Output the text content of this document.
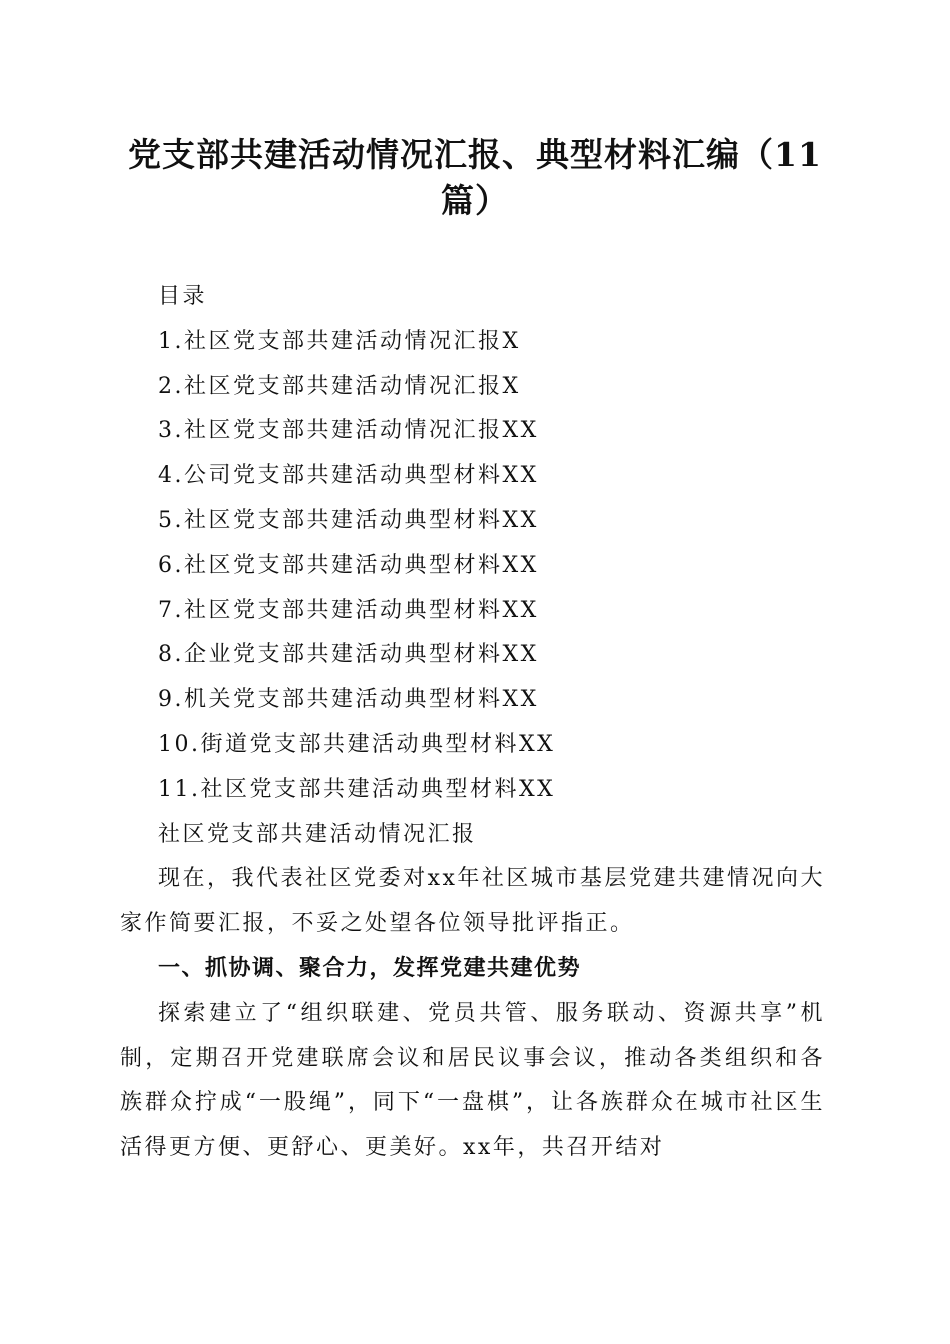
党支部共建活动情况汇报、典型材料汇编（11篇）
目录
1.社区党支部共建活动情况汇报X
2.社区党支部共建活动情况汇报X
3.社区党支部共建活动情况汇报XX
4.公司党支部共建活动典型材料XX
5.社区党支部共建活动典型材料XX
6.社区党支部共建活动典型材料XX
7.社区党支部共建活动典型材料XX
8.企业党支部共建活动典型材料XX
9.机关党支部共建活动典型材料XX
10.街道党支部共建活动典型材料XX
11.社区党支部共建活动典型材料XX
社区党支部共建活动情况汇报
现在，我代表社区党委对xx年社区城市基层党建共建情况向大家作简要汇报，不妥之处望各位领导批评指正。
一、抓协调、聚合力，发挥党建共建优势
探索建立了“组织联建、党员共管、服务联动、资源共享”机制，定期召开党建联席会议和居民议事会议，推动各类组织和各族群众拧成“一股绳”，同下“一盘棋”，让各族群众在城市社区生活得更方便、更舒心、更美好。xx年，共召开结对
